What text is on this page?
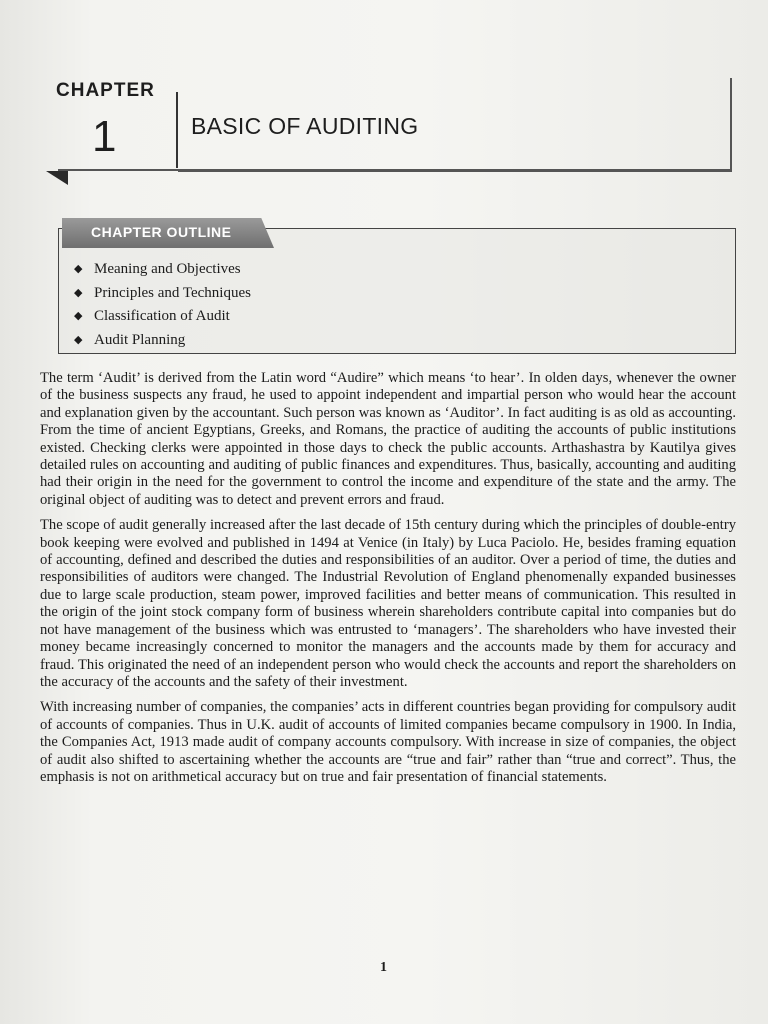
CHAPTER
1	BASIC OF AUDITING
CHAPTER OUTLINE
◆ Meaning and Objectives
◆ Principles and Techniques
◆ Classification of Audit
◆ Audit Planning

The term ‘Audit’ is derived from the Latin word “Audire” which means ‘to hear’. In olden days, whenever the owner of the business suspects any fraud, he used to appoint independent and impartial person who would hear the account and explanation given by the accountant. Such person was known as ‘Auditor’. In fact auditing is as old as accounting. From the time of ancient Egyptians, Greeks, and Romans, the practice of auditing the accounts of public institutions existed. Checking clerks were appointed in those days to check the public accounts. Arthashastra by Kautilya gives detailed rules on accounting and auditing of public finances and expenditures. Thus, basically, accounting and auditing had their origin in the need for the government to control the income and expenditure of the state and the army. The original object of auditing was to detect and prevent errors and fraud.

The scope of audit generally increased after the last decade of 15th century during which the principles of double-entry book keeping were evolved and published in 1494 at Venice (in Italy) by Luca Paciolo. He, besides framing equation of accounting, defined and described the duties and responsibilities of an auditor. Over a period of time, the duties and responsibilities of auditors were changed. The Industrial Revolution of England phenomenally expanded businesses due to large scale production, steam power, improved facilities and better means of communication. This resulted in the origin of the joint stock company form of business wherein shareholders contribute capital into companies but do not have management of the business which was entrusted to ‘managers’. The shareholders who have invested their money became increasingly concerned to monitor the managers and the accounts made by them for accuracy and fraud. This originated the need of an independent person who would check the accounts and report the shareholders on the accuracy of the accounts and the safety of their investment.

With increasing number of companies, the companies’ acts in different countries began providing for compulsory audit of accounts of companies. Thus in U.K. audit of accounts of limited companies became compulsory in 1900. In India, the Companies Act, 1913 made audit of company accounts compulsory. With increase in size of companies, the object of audit also shifted to ascertaining whether the accounts are “true and fair” rather than “true and correct”. Thus, the emphasis is not on arithmetical accuracy but on true and fair presentation of financial statements.

1
